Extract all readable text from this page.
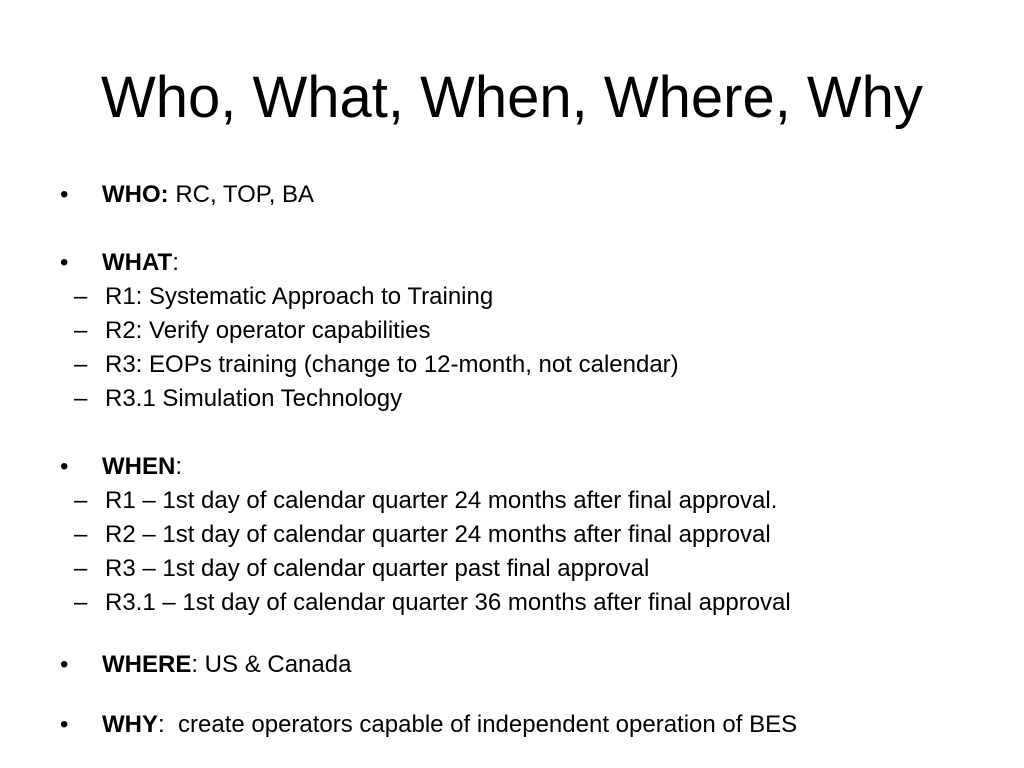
Who, What, When, Where, Why
•	WHO: RC, TOP, BA
•	WHAT:
– R1: Systematic Approach to Training
– R2: Verify operator capabilities
– R3: EOPs training (change to 12-month, not calendar)
– R3.1 Simulation Technology
•	WHEN:
– R1 – 1st day of calendar quarter 24 months after final approval.
– R2 – 1st day of calendar quarter 24 months after final approval
– R3 – 1st day of calendar quarter past final approval
– R3.1 – 1st day of calendar quarter 36 months after final approval
•	WHERE: US & Canada
•	WHY:  create operators capable of independent operation of BES
